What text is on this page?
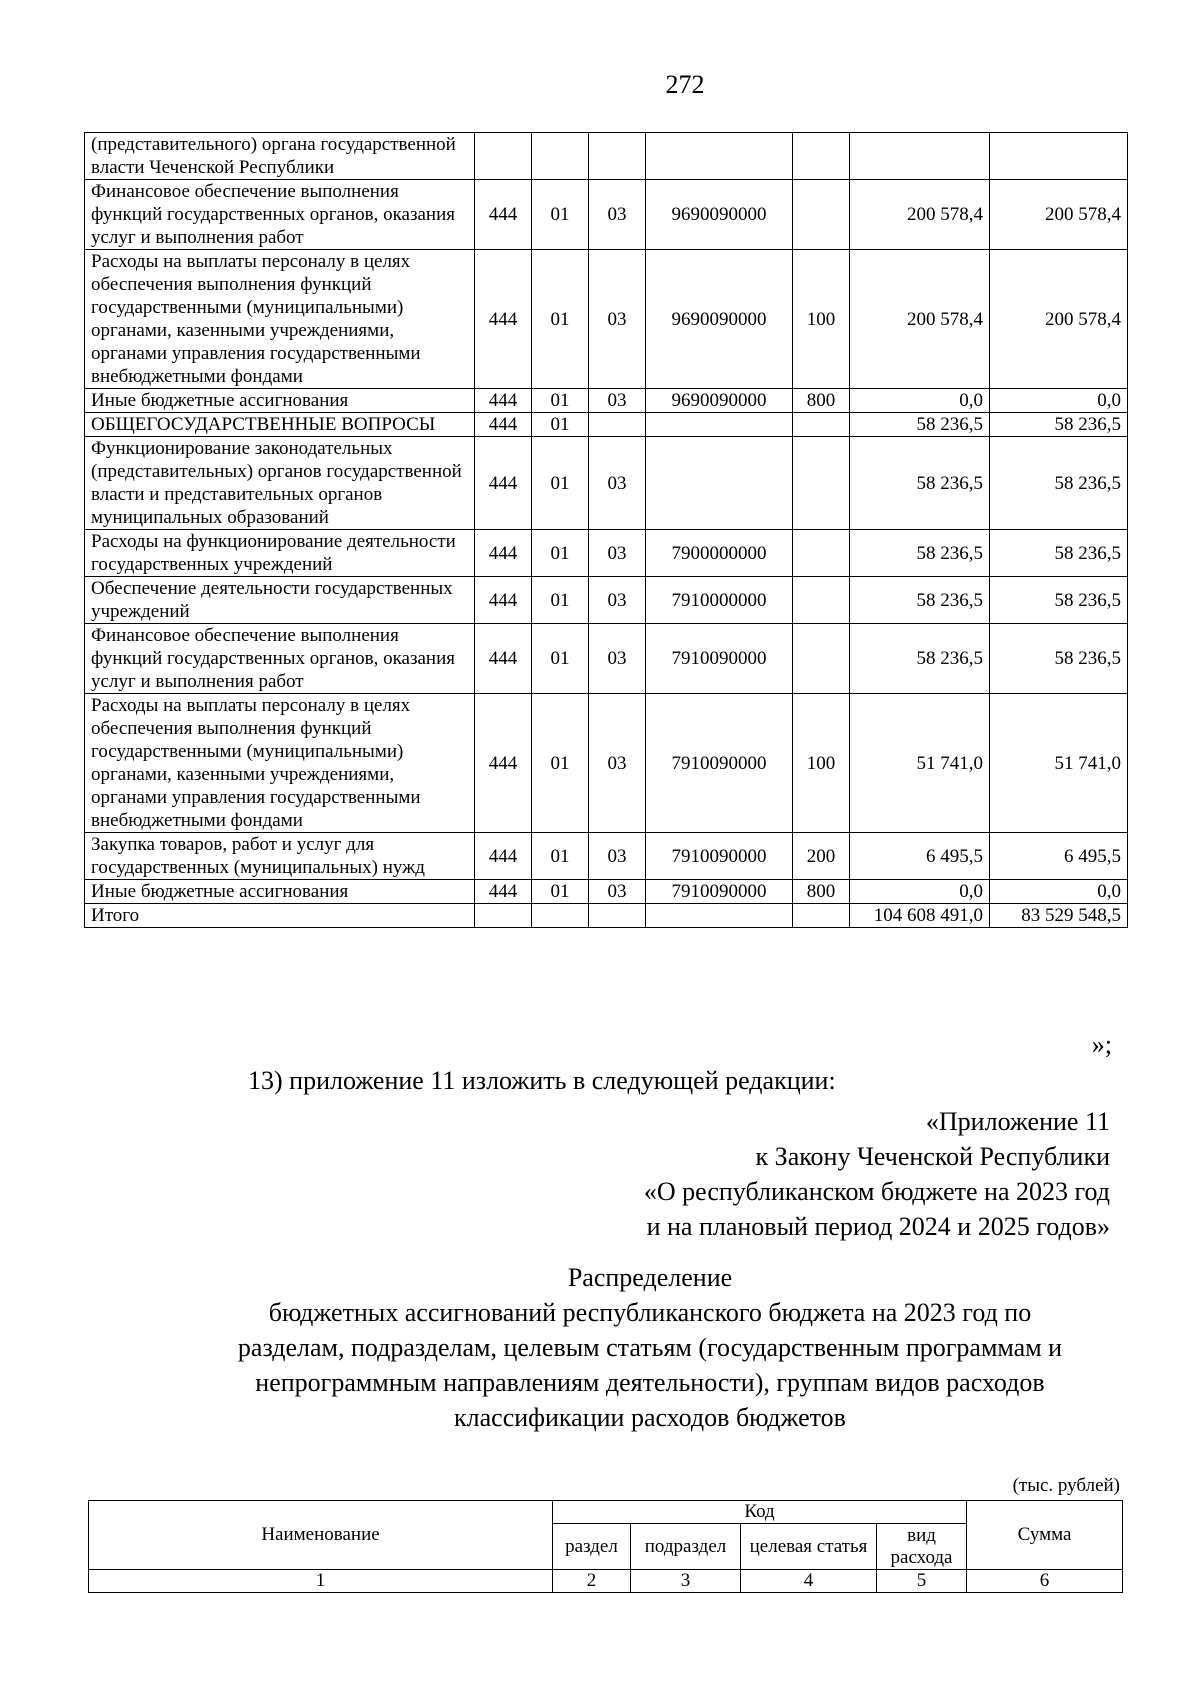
272
(представительного) органа государственной власти Чеченской Республики							
Финансовое обеспечение выполнения функций государственных органов, оказания услуг и выполнения работ	444	01	03	9690090000		200 578,4	200 578,4
Расходы на выплаты персоналу в целях обеспечения выполнения функций государственными (муниципальными) органами, казенными учреждениями, органами управления государственными внебюджетными фондами	444	01	03	9690090000	100	200 578,4	200 578,4
Иные бюджетные ассигнования	444	01	03	9690090000	800	0,0	0,0
ОБЩЕГОСУДАРСТВЕННЫЕ ВОПРОСЫ	444	01				58 236,5	58 236,5
Функционирование законодательных (представительных) органов государственной власти и представительных органов муниципальных образований	444	01	03			58 236,5	58 236,5
Расходы на функционирование деятельности государственных учреждений	444	01	03	7900000000		58 236,5	58 236,5
Обеспечение деятельности государственных учреждений	444	01	03	7910000000		58 236,5	58 236,5
Финансовое обеспечение выполнения функций государственных органов, оказания услуг и выполнения работ	444	01	03	7910090000		58 236,5	58 236,5
Расходы на выплаты персоналу в целях обеспечения выполнения функций государственными (муниципальными) органами, казенными учреждениями, органами управления государственными внебюджетными фондами	444	01	03	7910090000	100	51 741,0	51 741,0
Закупка товаров, работ и услуг для государственных (муниципальных) нужд	444	01	03	7910090000	200	6 495,5	6 495,5
Иные бюджетные ассигнования	444	01	03	7910090000	800	0,0	0,0
Итого						104 608 491,0	83 529 548,5
»;
13) приложение 11 изложить в следующей редакции:
«Приложение 11
к Закону Чеченской Республики
«О республиканском бюджете на 2023 год
и на плановый период 2024 и 2025 годов»
Распределение
бюджетных ассигнований республиканского бюджета на 2023 год по
разделам, подразделам, целевым статьям (государственным программам и
непрограммным направлениям деятельности), группам видов расходов
классификации расходов бюджетов
(тыс. рублей)
Наименование	Код				Сумма
	раздел	подраздел	целевая статья	вид расхода	
1	2	3	4	5	6
